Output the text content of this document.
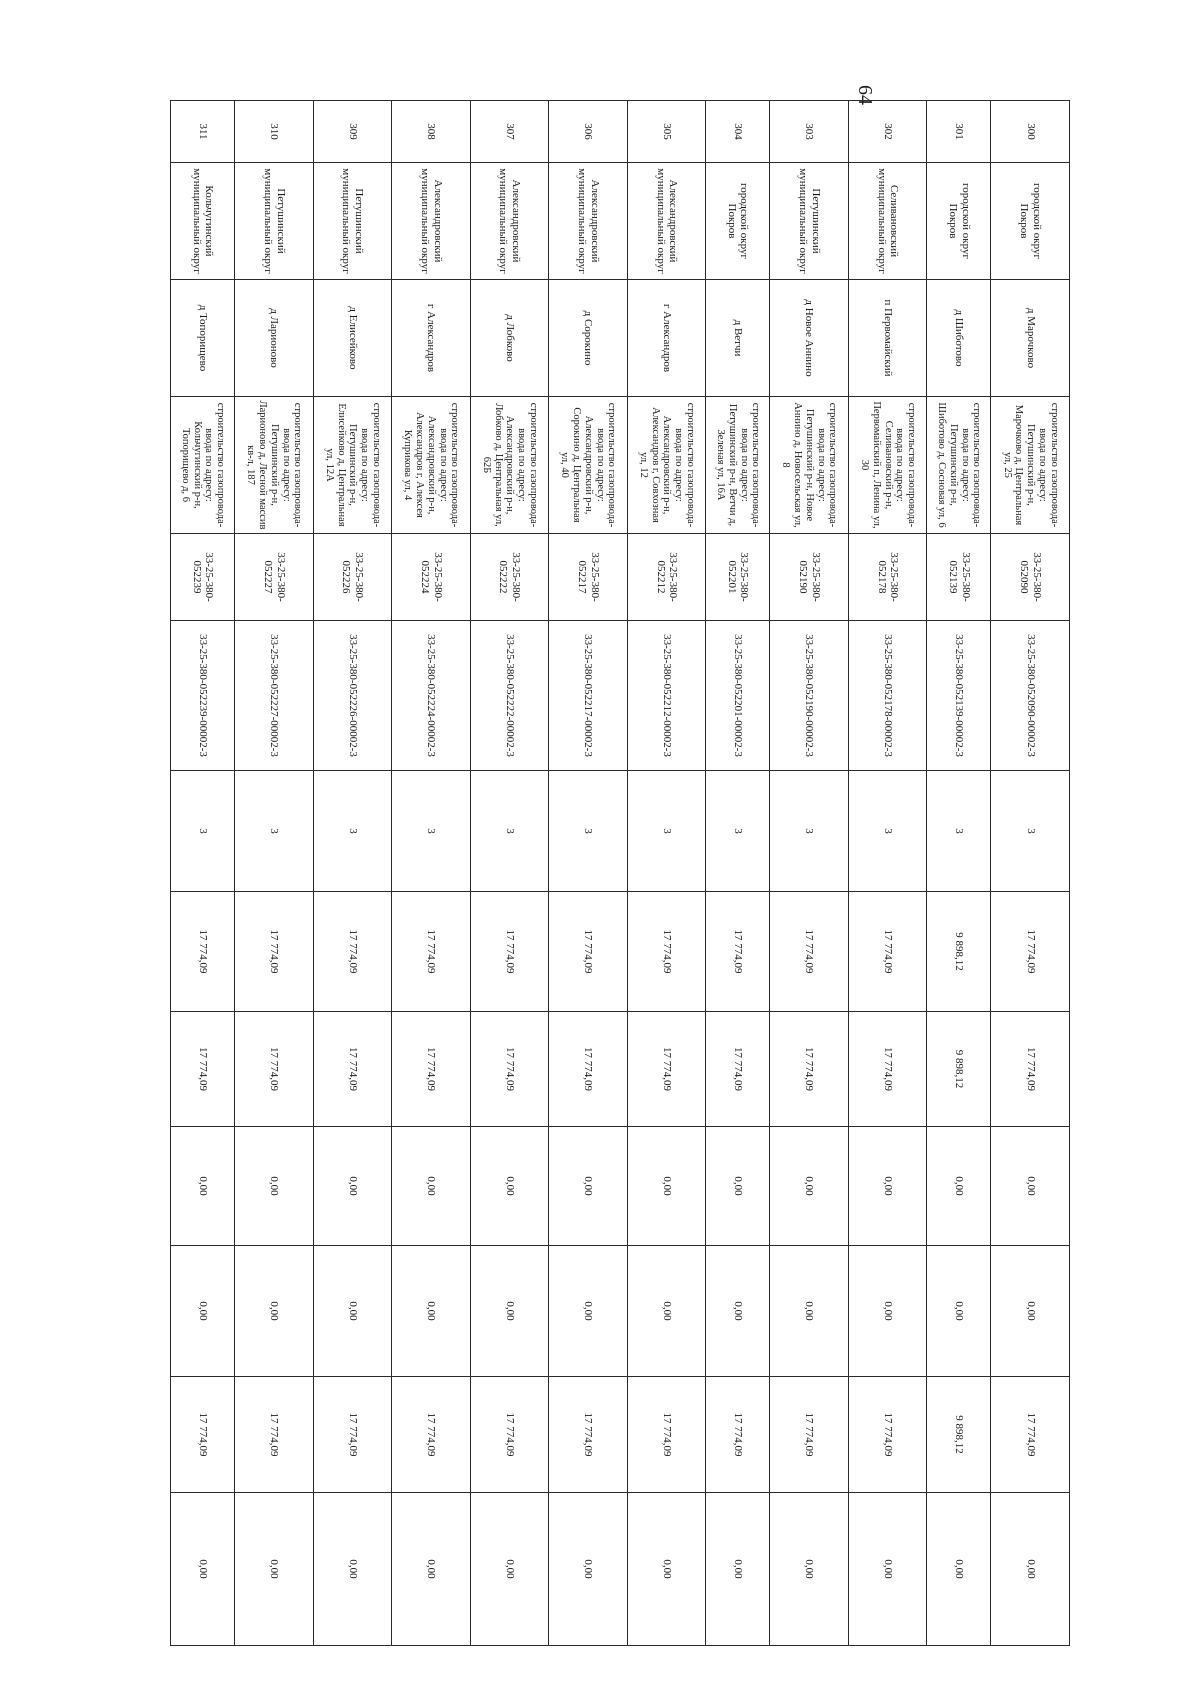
64
300	городской округ Покров	д Марочково	строительство газопровода-ввода по адресу: Петушинский р-н, Марочково д, Центральная ул, 25	33-25-380-052090	33-25-380-052090-00002-3	3	17 774,09	17 774,09	0,00	0,00	17 774,09	0,00
301	городской округ Покров	д Шиботово	строительство газопровода-ввода по адресу: Петушинский р-н, Шиботово д, Сосновая ул, 6	33-25-380-052139	33-25-380-052139-00002-3	3	9 898,12	9 898,12	0,00	0,00	9 898,12	0,00
302	Селивановский муниципальный округ	п Первомайский	строительство газопровода-ввода по адресу: Селивановский р-н, Первомайский п, Ленина ул, 30	33-25-380-052178	33-25-380-052178-00002-3	3	17 774,09	17 774,09	0,00	0,00	17 774,09	0,00
303	Петушинский муниципальный округ	д Новое Аннино	строительство газопровода-ввода по адресу: Петушинский р-н, Новое Аннино д, Новосельская ул, 8	33-25-380-052190	33-25-380-052190-00002-3	3	17 774,09	17 774,09	0,00	0,00	17 774,09	0,00
304	городской округ Покров	д Ветчи	строительство газопровода-ввода по адресу: Петушинский р-н, Ветчи д, Зеленая ул, 16А	33-25-380-052201	33-25-380-052201-00002-3	3	17 774,09	17 774,09	0,00	0,00	17 774,09	0,00
305	Александровский муниципальный округ	г Александров	строительство газопровода-ввода по адресу: Александровский р-н, Александров г, Совхозная ул, 12	33-25-380-052212	33-25-380-052212-00002-3	3	17 774,09	17 774,09	0,00	0,00	17 774,09	0,00
306	Александровский муниципальный округ	д Сорокино	строительство газопровода-ввода по адресу: Александровский р-н, Сорокино д, Центральная ул, 40	33-25-380-052217	33-25-380-052217-00002-3	3	17 774,09	17 774,09	0,00	0,00	17 774,09	0,00
307	Александровский муниципальный округ	д Лобково	строительство газопровода-ввода по адресу: Александровский р-н, Лобково д, Центральная ул, 62Б	33-25-380-052222	33-25-380-052222-00002-3	3	17 774,09	17 774,09	0,00	0,00	17 774,09	0,00
308	Александровский муниципальный округ	г Александров	строительство газопровода-ввода по адресу: Александровский р-н, Александров г, Алексея Куприкова ул, 4	33-25-380-052224	33-25-380-052224-00002-3	3	17 774,09	17 774,09	0,00	0,00	17 774,09	0,00
309	Петушинский муниципальный округ	д Елисейково	строительство газопровода-ввода по адресу: Петушинский р-н, Елисейково д, Центральная ул, 12А	33-25-380-052226	33-25-380-052226-00002-3	3	17 774,09	17 774,09	0,00	0,00	17 774,09	0,00
310	Петушинский муниципальный округ	д Ларионово	строительство газопровода-ввода по адресу: Петушинский р-н, Ларионово д, Лесной массив кв-л, 187	33-25-380-052227	33-25-380-052227-00002-3	3	17 774,09	17 774,09	0,00	0,00	17 774,09	0,00
311	Кольчугинский муниципальный округ	д Топорищево	строительство газопровода-ввода по адресу: Кольчугинский р-н, Топорищево д, 6	33-25-380-052239	33-25-380-052239-00002-3	3	17 774,09	17 774,09	0,00	0,00	17 774,09	0,00
